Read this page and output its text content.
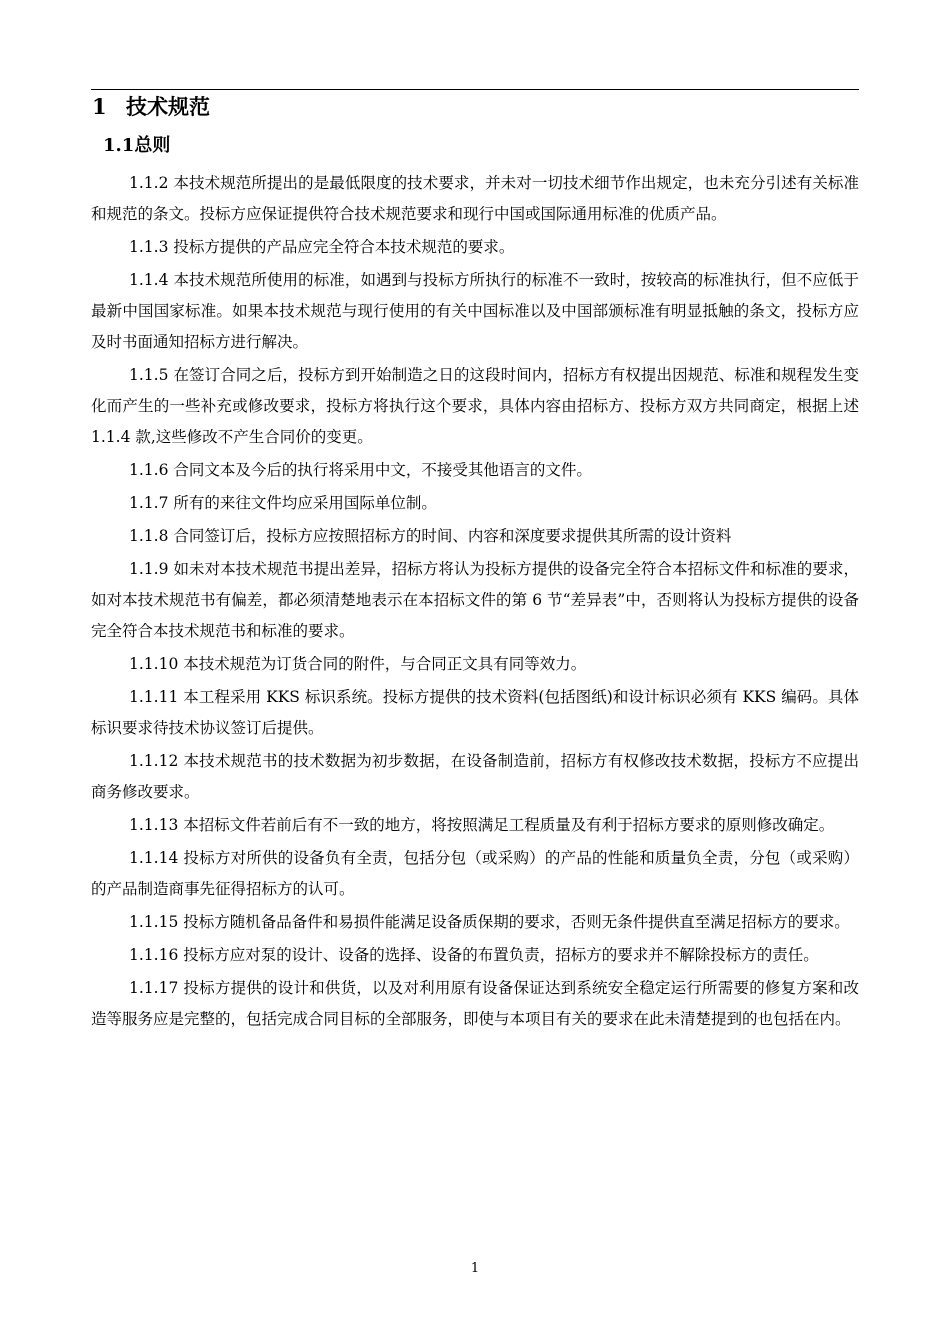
1 技术规范
1.1总则

1.1.2 本技术规范所提出的是最低限度的技术要求，并未对一切技术细节作出规定，也未充分引述有关标准和规范的条文。投标方应保证提供符合技术规范要求和现行中国或国际通用标准的优质产品。

1.1.3 投标方提供的产品应完全符合本技术规范的要求。

1.1.4 本技术规范所使用的标准，如遇到与投标方所执行的标准不一致时，按较高的标准执行，但不应低于最新中国国家标准。如果本技术规范与现行使用的有关中国标准以及中国部颁标准有明显抵触的条文，投标方应及时书面通知招标方进行解决。

1.1.5 在签订合同之后，投标方到开始制造之日的这段时间内，招标方有权提出因规范、标准和规程发生变化而产生的一些补充或修改要求，投标方将执行这个要求，具体内容由招标方、投标方双方共同商定，根据上述 1.1.4 款,这些修改不产生合同价的变更。

1.1.6 合同文本及今后的执行将采用中文，不接受其他语言的文件。

1.1.7 所有的来往文件均应采用国际单位制。

1.1.8 合同签订后，投标方应按照招标方的时间、内容和深度要求提供其所需的设计资料

1.1.9 如未对本技术规范书提出差异，招标方将认为投标方提供的设备完全符合本招标文件和标准的要求，如对本技术规范书有偏差，都必须清楚地表示在本招标文件的第 6 节“差异表”中，否则将认为投标方提供的设备完全符合本技术规范书和标准的要求。

1.1.10 本技术规范为订货合同的附件，与合同正文具有同等效力。

1.1.11 本工程采用 KKS 标识系统。投标方提供的技术资料(包括图纸)和设计标识必须有 KKS 编码。具体标识要求待技术协议签订后提供。

1.1.12 本技术规范书的技术数据为初步数据，在设备制造前，招标方有权修改技术数据，投标方不应提出商务修改要求。

1.1.13 本招标文件若前后有不一致的地方，将按照满足工程质量及有利于招标方要求的原则修改确定。

1.1.14 投标方对所供的设备负有全责，包括分包（或采购）的产品的性能和质量负全责，分包（或采购）的产品制造商事先征得招标方的认可。

1.1.15 投标方随机备品备件和易损件能满足设备质保期的要求，否则无条件提供直至满足招标方的要求。

1.1.16 投标方应对泵的设计、设备的选择、设备的布置负责，招标方的要求并不解除投标方的责任。

1.1.17 投标方提供的设计和供货，以及对利用原有设备保证达到系统安全稳定运行所需要的修复方案和改造等服务应是完整的，包括完成合同目标的全部服务，即使与本项目有关的要求在此未清楚提到的也包括在内。

1
